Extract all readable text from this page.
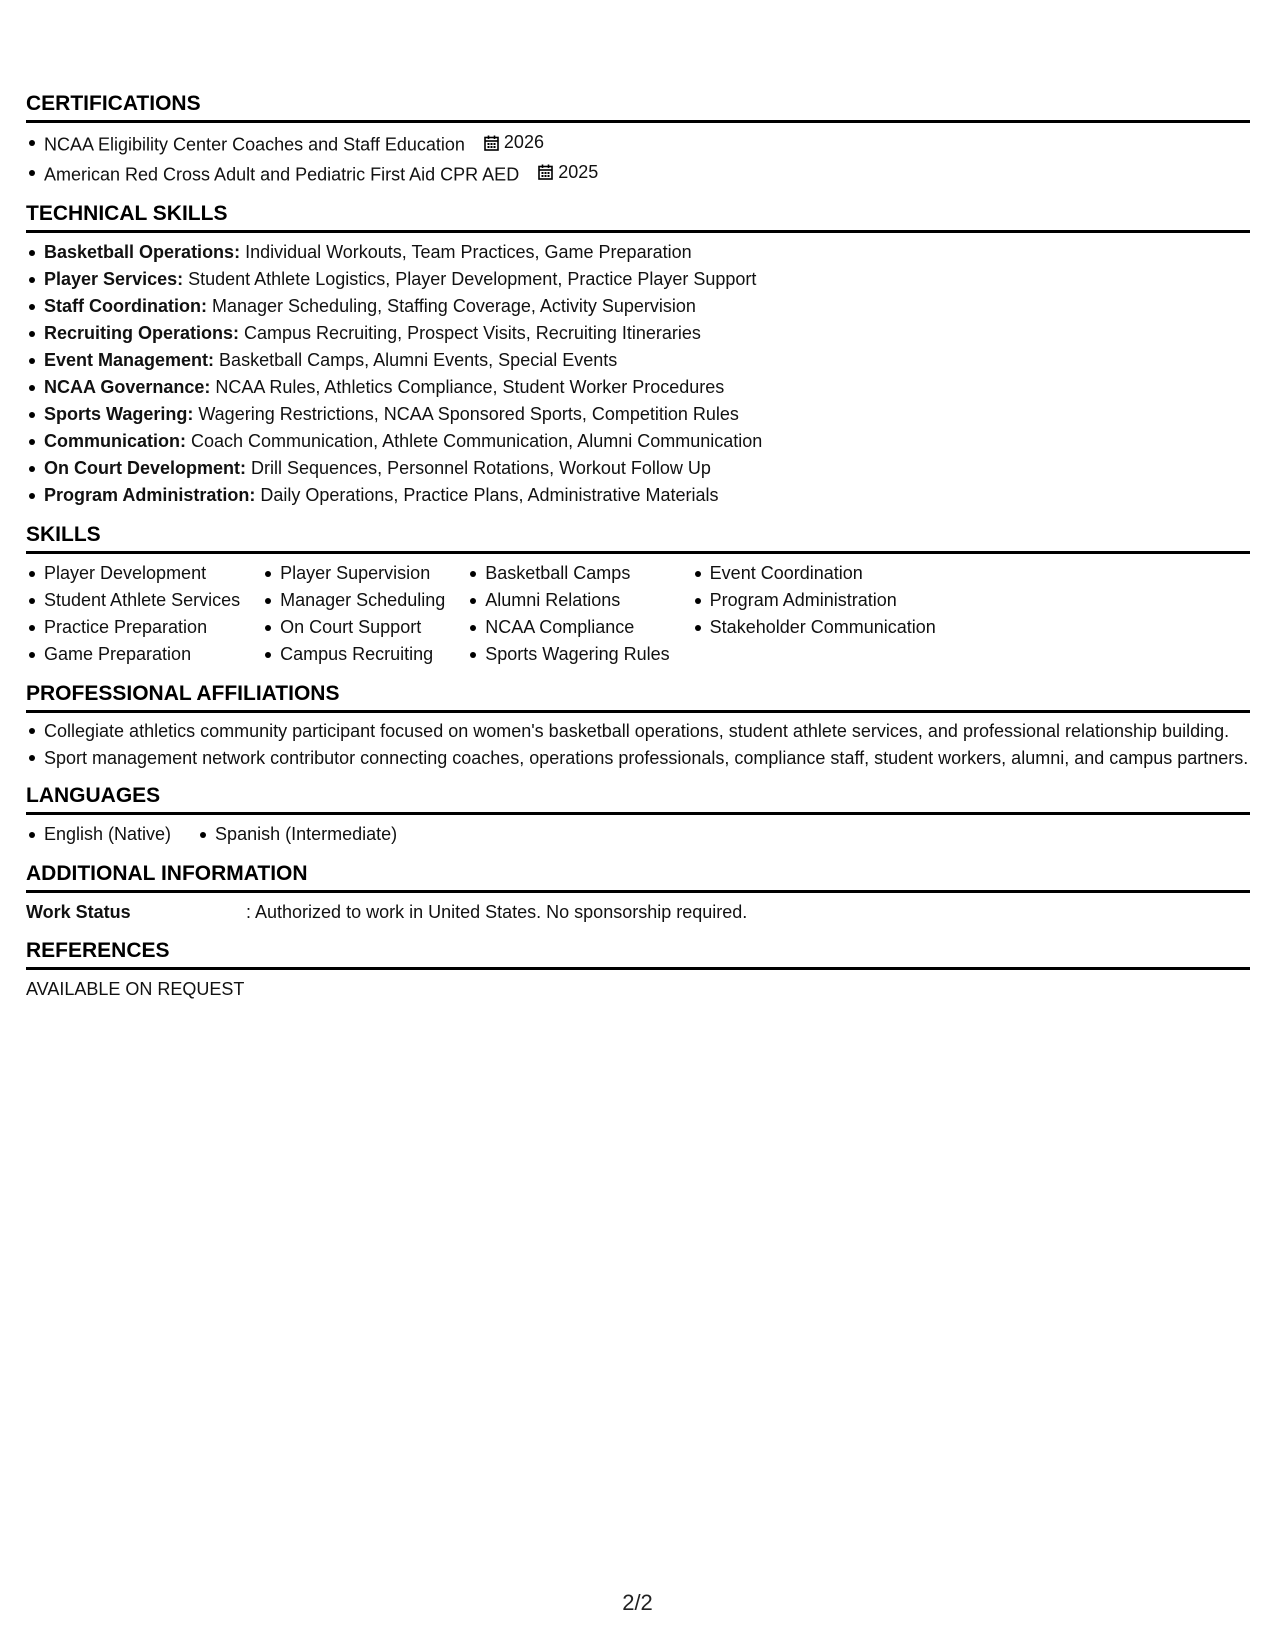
CERTIFICATIONS
NCAA Eligibility Center Coaches and Staff Education 2026
American Red Cross Adult and Pediatric First Aid CPR AED 2025
TECHNICAL SKILLS
Basketball Operations: Individual Workouts, Team Practices, Game Preparation
Player Services: Student Athlete Logistics, Player Development, Practice Player Support
Staff Coordination: Manager Scheduling, Staffing Coverage, Activity Supervision
Recruiting Operations: Campus Recruiting, Prospect Visits, Recruiting Itineraries
Event Management: Basketball Camps, Alumni Events, Special Events
NCAA Governance: NCAA Rules, Athletics Compliance, Student Worker Procedures
Sports Wagering: Wagering Restrictions, NCAA Sponsored Sports, Competition Rules
Communication: Coach Communication, Athlete Communication, Alumni Communication
On Court Development: Drill Sequences, Personnel Rotations, Workout Follow Up
Program Administration: Daily Operations, Practice Plans, Administrative Materials
SKILLS
Player Development
Student Athlete Services
Practice Preparation
Game Preparation
Player Supervision
Manager Scheduling
On Court Support
Campus Recruiting
Basketball Camps
Alumni Relations
NCAA Compliance
Sports Wagering Rules
Event Coordination
Program Administration
Stakeholder Communication
PROFESSIONAL AFFILIATIONS
Collegiate athletics community participant focused on women's basketball operations, student athlete services, and professional relationship building.
Sport management network contributor connecting coaches, operations professionals, compliance staff, student workers, alumni, and campus partners.
LANGUAGES
English (Native)	Spanish (Intermediate)
ADDITIONAL INFORMATION
Work Status	: Authorized to work in United States. No sponsorship required.
REFERENCES
AVAILABLE ON REQUEST
2/2
